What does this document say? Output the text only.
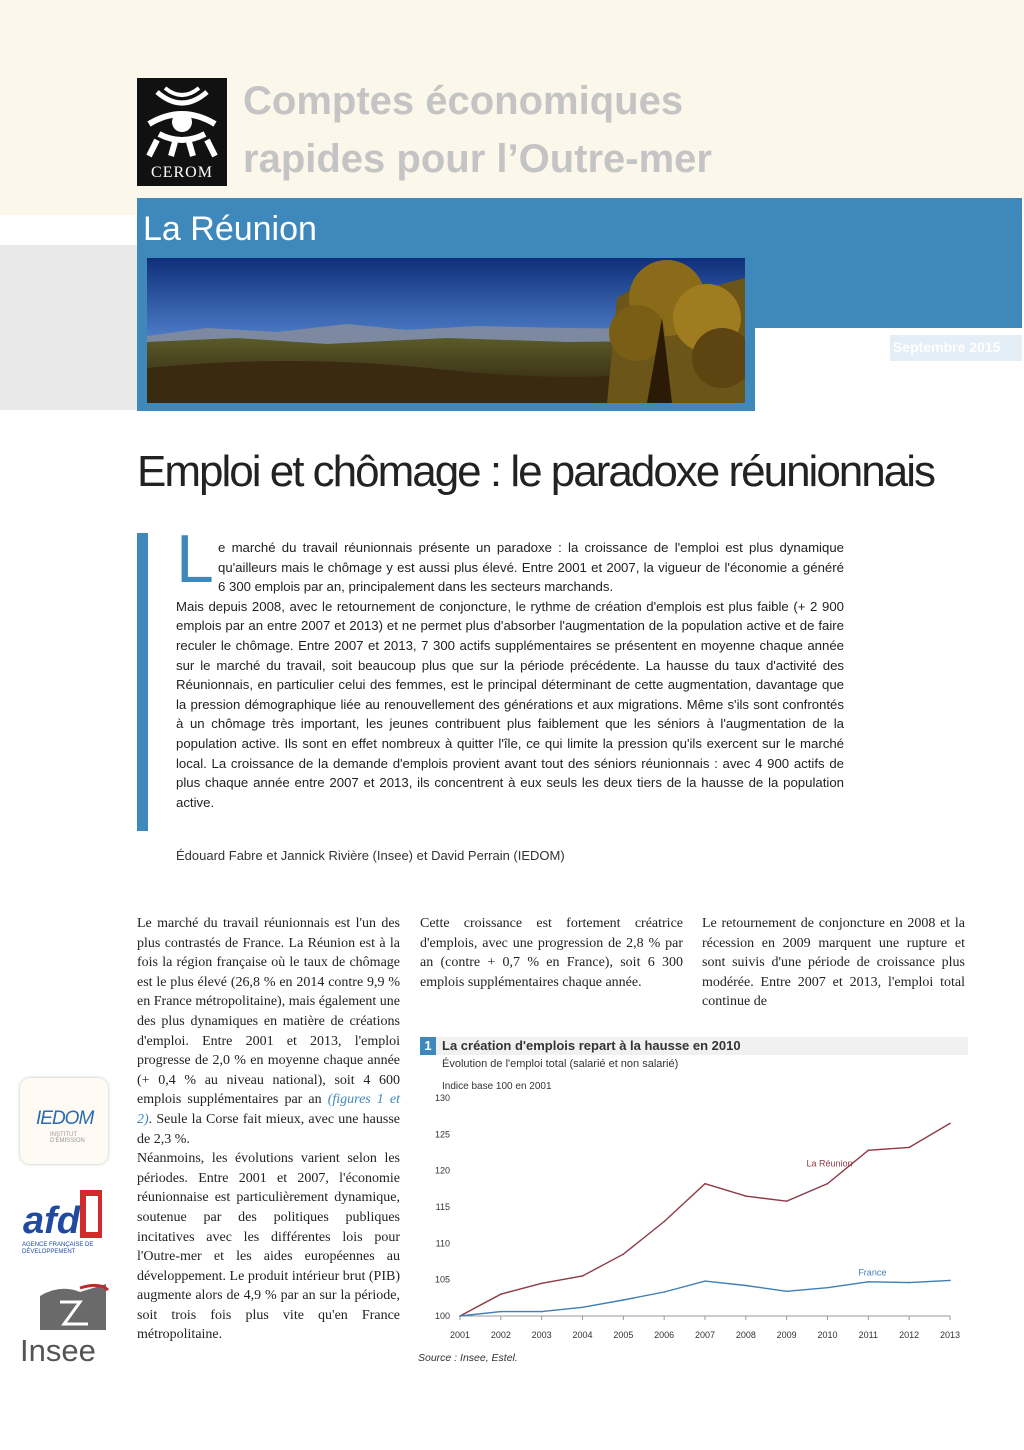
CEROM
Comptes économiques
rapides pour l’Outre-mer
La Réunion
Septembre 2015
Emploi et chômage : le paradoxe réunionnais
L e marché du travail réunionnais présente un paradoxe : la croissance de l'emploi est plus dynamique qu'ailleurs mais le chômage y est aussi plus élevé. Entre 2001 et 2007, la vigueur de l'économie a généré 6 300 emplois par an, principalement dans les secteurs marchands.
Mais depuis 2008, avec le retournement de conjoncture, le rythme de création d'emplois est plus faible (+ 2 900 emplois par an entre 2007 et 2013) et ne permet plus d'absorber l'augmentation de la population active et de faire reculer le chômage. Entre 2007 et 2013, 7 300 actifs supplémentaires se présentent en moyenne chaque année sur le marché du travail, soit beaucoup plus que sur la période précédente. La hausse du taux d'activité des Réunionnais, en particulier celui des femmes, est le principal déterminant de cette augmentation, davantage que la pression démographique liée au renouvellement des générations et aux migrations. Même s'ils sont confrontés à un chômage très important, les jeunes contribuent plus faiblement que les séniors à l'augmentation de la population active. Ils sont en effet nombreux à quitter l'île, ce qui limite la pression qu'ils exercent sur le marché local. La croissance de la demande d'emplois provient avant tout des séniors réunionnais : avec 4 900 actifs de plus chaque année entre 2007 et 2013, ils concentrent à eux seuls les deux tiers de la hausse de la population active.
Édouard Fabre et Jannick Rivière (Insee) et David Perrain (IEDOM)
Le marché du travail réunionnais est l'un des plus contrastés de France. La Réunion est à la fois la région française où le taux de chômage est le plus élevé (26,8 % en 2014 contre 9,9 % en France métropolitaine), mais également une des plus dynamiques en matière de créations d'emploi. Entre 2001 et 2013, l'emploi progresse de 2,0 % en moyenne chaque année (+ 0,4 % au niveau national), soit 4 600 emplois supplémentaires par an (figures 1 et 2). Seule la Corse fait mieux, avec une hausse de 2,3 %.
Néanmoins, les évolutions varient selon les périodes. Entre 2001 et 2007, l'économie réunionnaise est particulièrement dynamique, soutenue par des politiques publiques incitatives avec les différentes lois pour l'Outre-mer et les aides européennes au développement. Le produit intérieur brut (PIB) augmente alors de 4,9 % par an sur la période, soit trois fois plus vite qu'en France métropolitaine.
Cette croissance est fortement créatrice d'emplois, avec une progression de 2,8 % par an (contre + 0,7 % en France), soit 6 300 emplois supplémentaires chaque année.
Le retournement de conjoncture en 2008 et la récession en 2009 marquent une rupture et sont suivis d'une période de croissance plus modérée. Entre 2007 et 2013, l'emploi total continue de
1 La création d'emplois repart à la hausse en 2010
Évolution de l'emploi total (salarié et non salarié)
Indice base 100 en 2001
100
105
110
115
120
125
130
2001 2002 2003 2004 2005 2006 2007 2008 2009 2010 2011 2012 2013
La Réunion
France
Source : Insee, Estel.
IEDOM
INSTITUT D'ÉMISSION
afd
AGENCE FRANÇAISE DE DÉVELOPPEMENT
Insee
